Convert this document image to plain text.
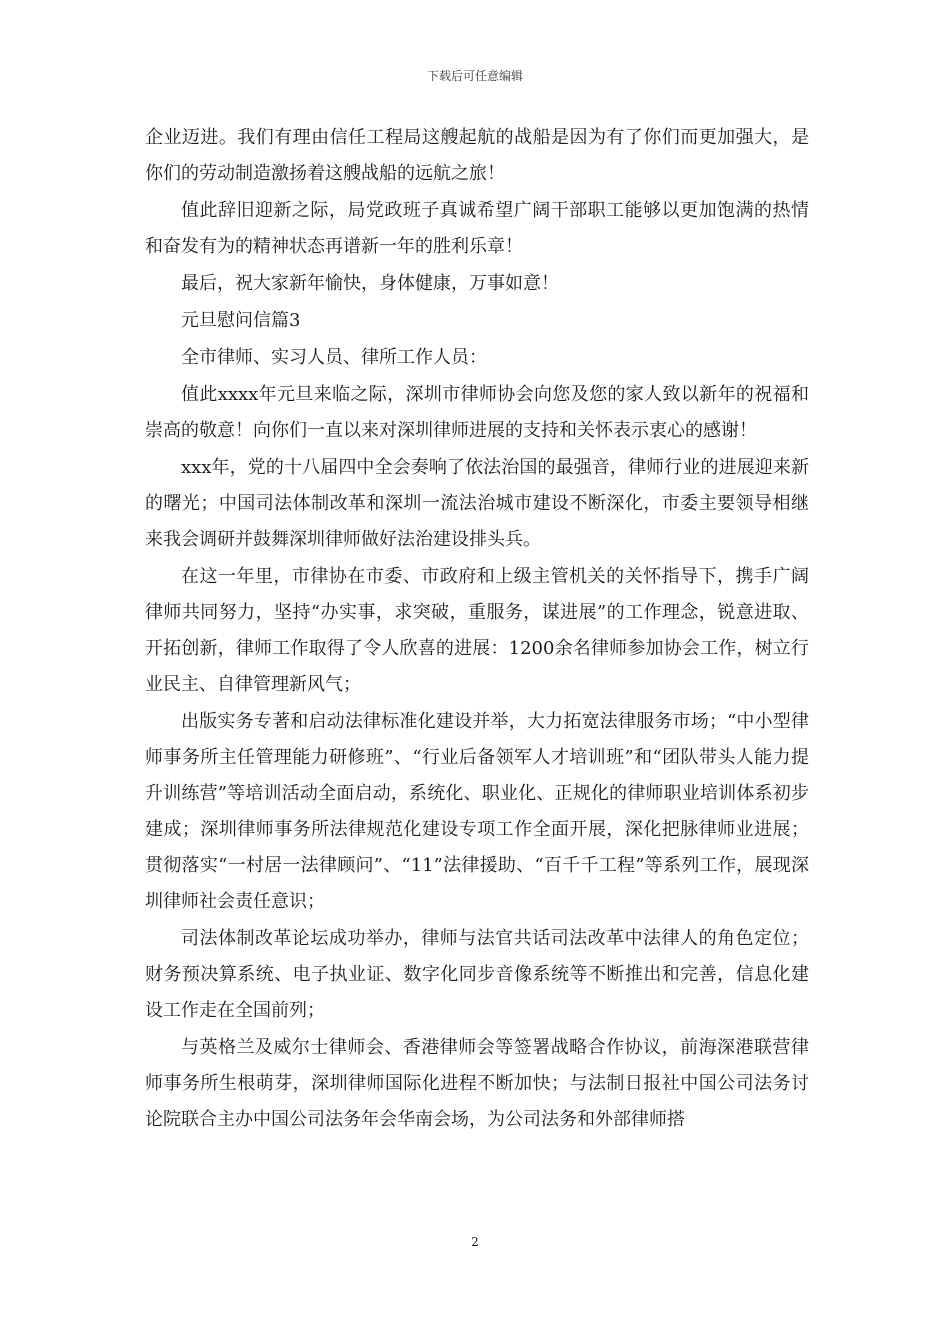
下载后可任意编辑

企业迈进。我们有理由信任工程局这艘起航的战船是因为有了你们而更加强大，是你们的劳动制造激扬着这艘战船的远航之旅！

值此辞旧迎新之际，局党政班子真诚希望广阔干部职工能够以更加饱满的热情和奋发有为的精神状态再谱新一年的胜利乐章！

最后，祝大家新年愉快，身体健康，万事如意！

元旦慰问信篇3

全市律师、实习人员、律所工作人员：

值此xxxx年元旦来临之际，深圳市律师协会向您及您的家人致以新年的祝福和崇高的敬意！向你们一直以来对深圳律师进展的支持和关怀表示衷心的感谢！

xxx年，党的十八届四中全会奏响了依法治国的最强音，律师行业的进展迎来新的曙光；中国司法体制改革和深圳一流法治城市建设不断深化，市委主要领导相继来我会调研并鼓舞深圳律师做好法治建设排头兵。

在这一年里，市律协在市委、市政府和上级主管机关的关怀指导下，携手广阔律师共同努力，坚持“办实事，求突破，重服务，谋进展”的工作理念，锐意进取、开拓创新，律师工作取得了令人欣喜的进展：1200余名律师参加协会工作，树立行业民主、自律管理新风气；

出版实务专著和启动法律标准化建设并举，大力拓宽法律服务市场；“中小型律师事务所主任管理能力研修班”、“行业后备领军人才培训班”和“团队带头人能力提升训练营”等培训活动全面启动，系统化、职业化、正规化的律师职业培训体系初步建成；深圳律师事务所法律规范化建设专项工作全面开展，深化把脉律师业进展；贯彻落实“一村居一法律顾问”、“11”法律援助、“百千千工程”等系列工作，展现深圳律师社会责任意识；

司法体制改革论坛成功举办，律师与法官共话司法改革中法律人的角色定位；财务预决算系统、电子执业证、数字化同步音像系统等不断推出和完善，信息化建设工作走在全国前列；

与英格兰及威尔士律师会、香港律师会等签署战略合作协议，前海深港联营律师事务所生根萌芽，深圳律师国际化进程不断加快；与法制日报社中国公司法务讨论院联合主办中国公司法务年会华南会场，为公司法务和外部律师搭

2
